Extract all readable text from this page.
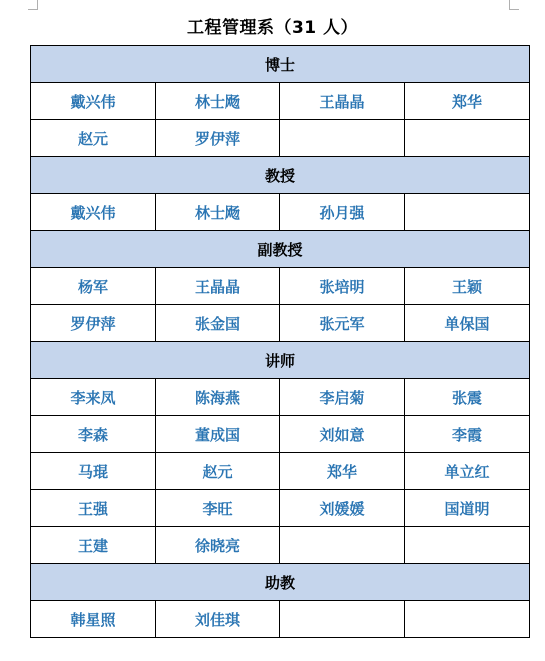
工程管理系（31 人）
博士			
戴兴伟	林士飏	王晶晶	郑华
赵元	罗伊萍		
教授			
戴兴伟	林士飏	孙月强	
副教授			
杨军	王晶晶	张培明	王颖
罗伊萍	张金国	张元军	单保国
讲师			
李来凤	陈海燕	李启菊	张震
李森	董成国	刘如意	李霞
马琨	赵元	郑华	单立红
王强	李旺	刘媛媛	国道明
王建	徐晓亮		
助教			
韩星照	刘佳琪		
